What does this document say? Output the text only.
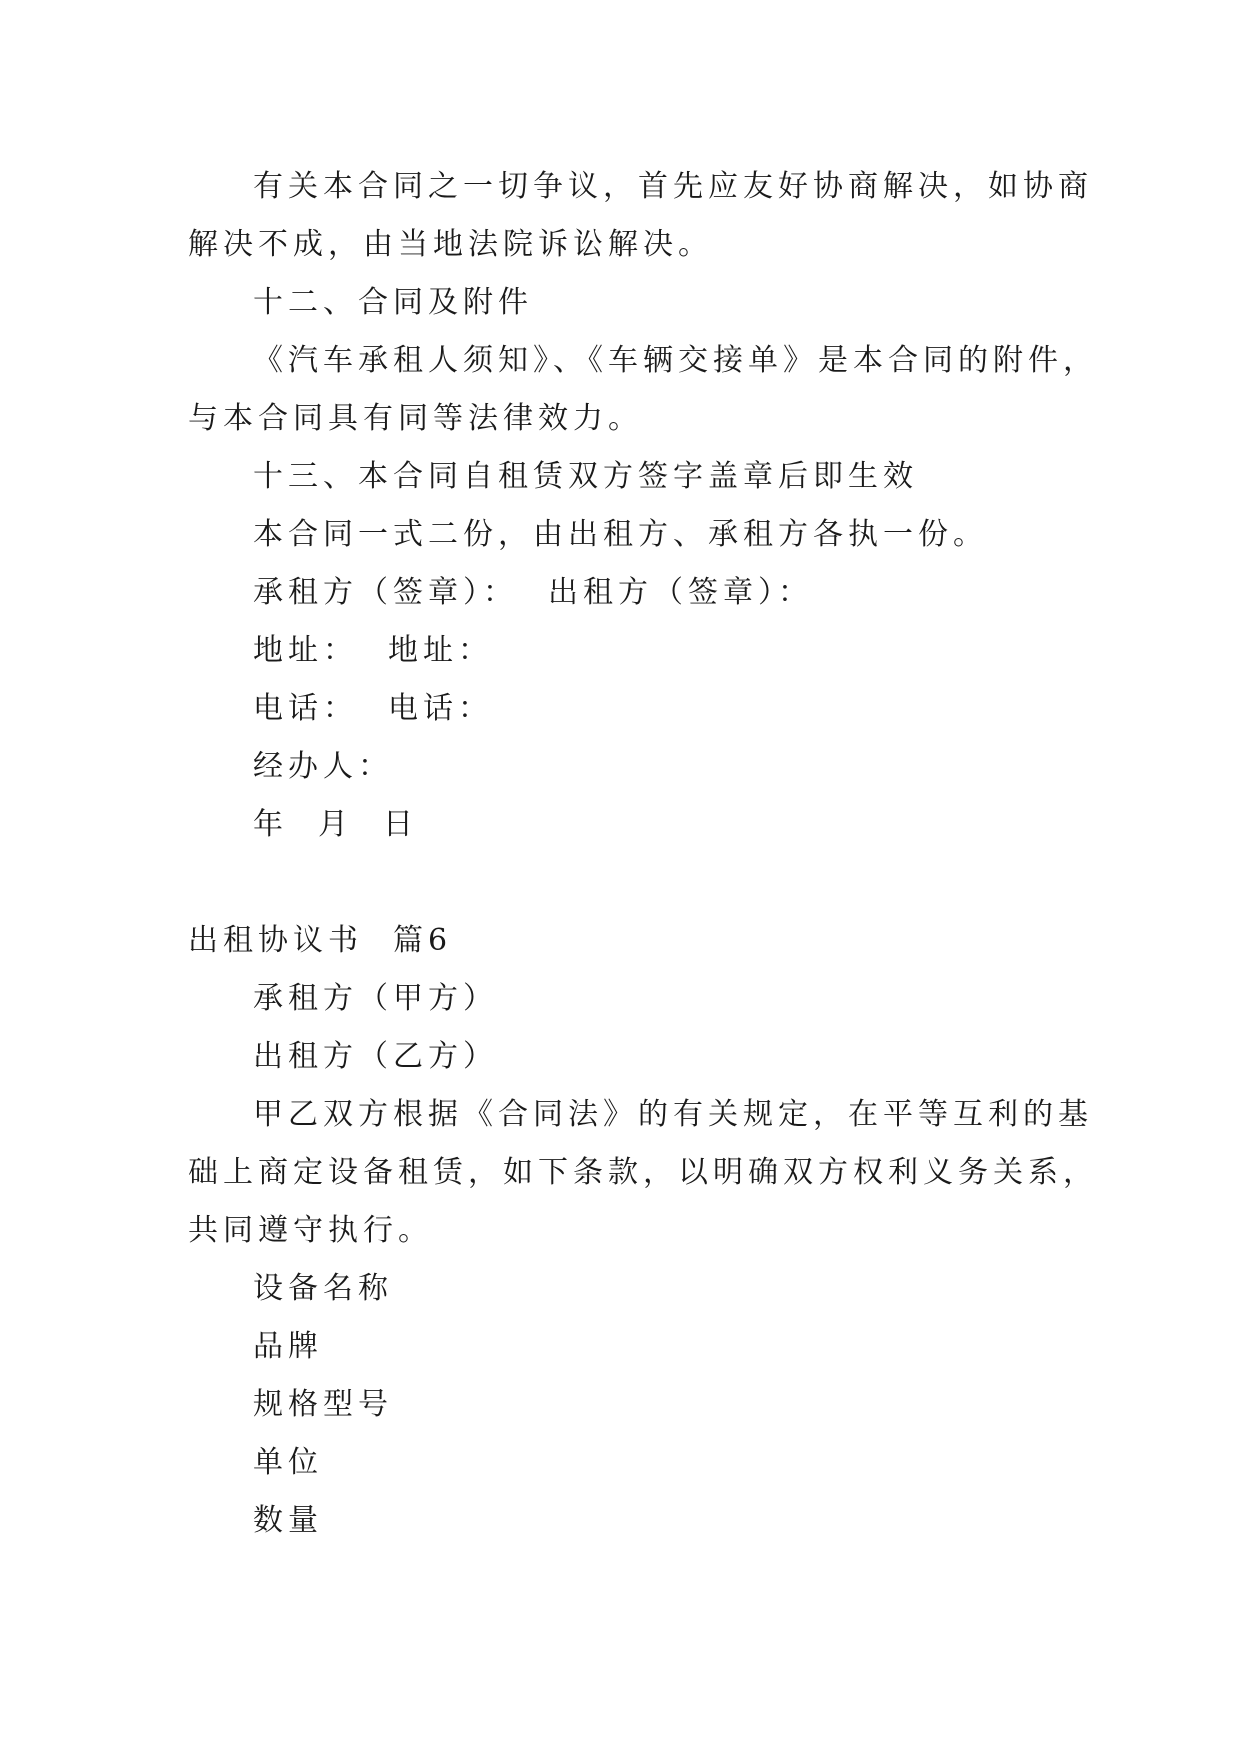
有关本合同之一切争议，首先应友好协商解决，如协商
解决不成，由当地法院诉讼解决。
十二、合同及附件
《汽车承租人须知》、《车辆交接单》是本合同的附件，
与本合同具有同等法律效力。
十三、本合同自租赁双方签字盖章后即生效
本合同一式二份，由出租方、承租方各执一份。
承租方（签章）： 出租方（签章）：
地址： 地址：
电话： 电话：
经办人：
年 月 日
出租协议书 篇6
承租方（甲方）
出租方（乙方）
甲乙双方根据《合同法》的有关规定，在平等互利的基
础上商定设备租赁，如下条款，以明确双方权利义务关系，
共同遵守执行。
设备名称
品牌
规格型号
单位
数量
